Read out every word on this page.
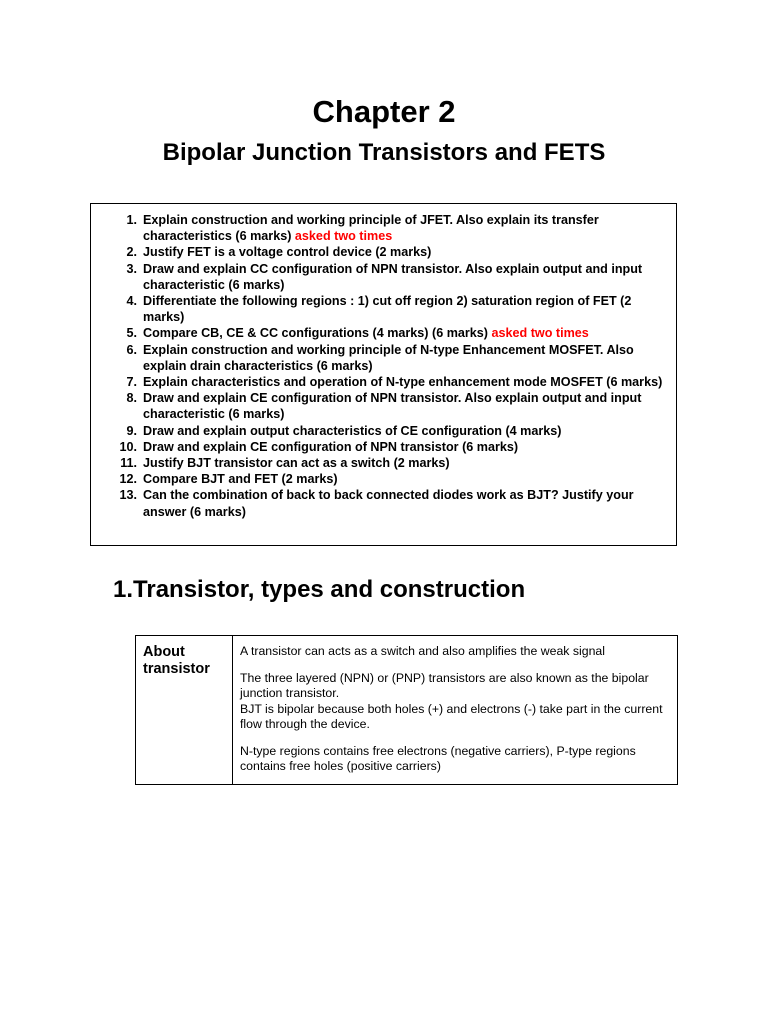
Chapter 2
Bipolar Junction Transistors and FETS
1. Explain construction and working principle of JFET. Also explain its transfer characteristics (6 marks) asked two times
2. Justify FET is a voltage control device (2 marks)
3. Draw and explain CC configuration of NPN transistor. Also explain output and input characteristic (6 marks)
4. Differentiate the following regions : 1) cut off region 2) saturation region of FET (2 marks)
5. Compare CB, CE & CC configurations (4 marks) (6 marks) asked two times
6. Explain construction and working principle of N-type Enhancement MOSFET. Also explain drain characteristics (6 marks)
7. Explain characteristics and operation of N-type enhancement mode MOSFET (6 marks)
8. Draw and explain CE configuration of NPN transistor. Also explain output and input characteristic (6 marks)
9. Draw and explain output characteristics of CE configuration (4 marks)
10. Draw and explain CE configuration of NPN transistor (6 marks)
11. Justify BJT transistor can act as a switch (2 marks)
12. Compare BJT and FET (2 marks)
13. Can the combination of back to back connected diodes work as BJT? Justify your answer (6 marks)
1.Transistor, types and construction
About transistor

A transistor can acts as a switch and also amplifies the weak signal

The three layered (NPN) or (PNP) transistors are also known as the bipolar junction transistor.

BJT is bipolar because both holes (+) and electrons (-) take part in the current flow through the device.

N-type regions contains free electrons (negative carriers), P-type regions contains free holes (positive carriers)
